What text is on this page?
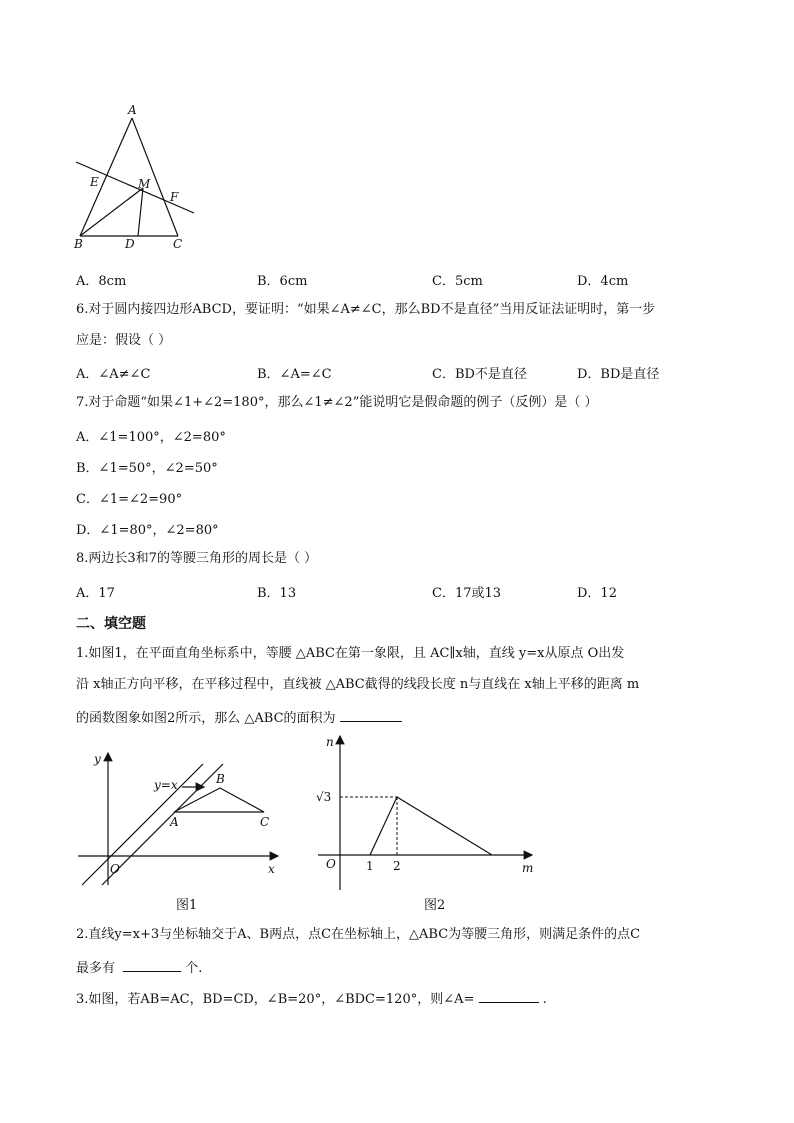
A
E	M
F
B	D	C
A．8cm	B．6cm	C．5cm	D．4cm
6.对于圆内接四边形ABCD，要证明：“如果∠A≠∠C，那么BD不是直径”当用反证法证明时，第一步
应是：假设（ ）
A．∠A≠∠C	B．∠A=∠C	C．BD不是直径	D．BD是直径
7.对于命题“如果∠1+∠2=180°，那么∠1≠∠2”能说明它是假命题的例子（反例）是（ ）
A．∠1=100°，∠2=80°
B．∠1=50°，∠2=50°
C．∠1=∠2=90°
D．∠1=80°，∠2=80°
8.两边长3和7的等腰三角形的周长是（ ）
A．17	B．13	C．17或13	D．12
二、填空题
1.如图1，在平面直角坐标系中，等腰 △ABC在第一象限，且 AC∥x轴，直线 y=x从原点 O出发
沿 x轴正方向平移，在平移过程中，直线被 △ABC截得的线段长度 n与直线在 x轴上平移的距离 m
的函数图象如图2所示，那么 △ABC的面积为
y
x
O
y=x
A
B
C
图1
n
m
O
√3
1 2
图2
2.直线y=x+3与坐标轴交于A、B两点，点C在坐标轴上，△ABC为等腰三角形，则满足条件的点C
最多有	个.
3.如图，若AB=AC，BD=CD，∠B=20°，∠BDC=120°，则∠A=	.
